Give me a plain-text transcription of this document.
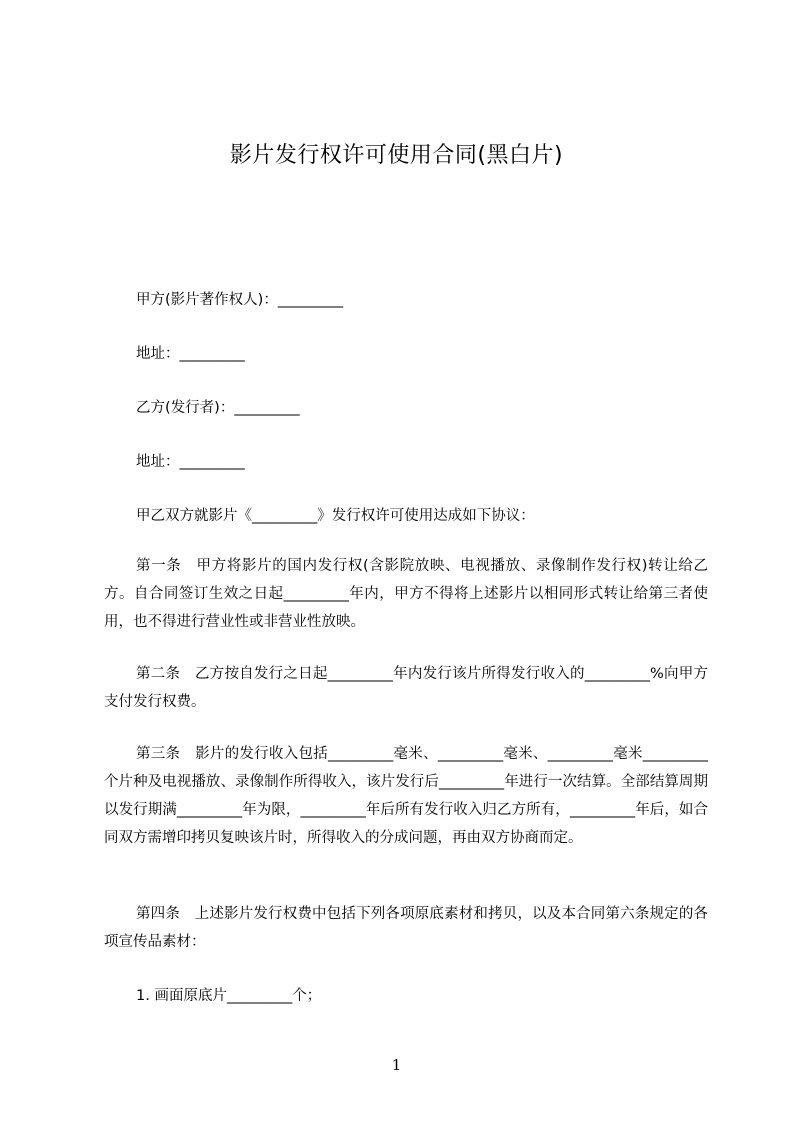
影片发行权许可使用合同(黑白片)
甲方(影片著作权人)：_________
地址：_________
乙方(发行者)：_________
地址：_________
甲乙双方就影片《_________》发行权许可使用达成如下协议：

第一条　甲方将影片的国内发行权(含影院放映、电视播放、录像制作发行权)转让给乙方。自合同签订生效之日起_________年内，甲方不得将上述影片以相同形式转让给第三者使用，也不得进行营业性或非营业性放映。

第二条　乙方按自发行之日起_________年内发行该片所得发行收入的_________%向甲方支付发行权费。

第三条　影片的发行收入包括_________毫米、_________毫米、_________毫米_________个片种及电视播放、录像制作所得收入，该片发行后_________年进行一次结算。全部结算周期以发行期满_________年为限，_________年后所有发行收入归乙方所有，_________年后，如合同双方需增印拷贝复映该片时，所得收入的分成问题，再由双方协商而定。

第四条　上述影片发行权费中包括下列各项原底素材和拷贝，以及本合同第六条规定的各项宣传品素材：

1. 画面原底片_________个；
1
